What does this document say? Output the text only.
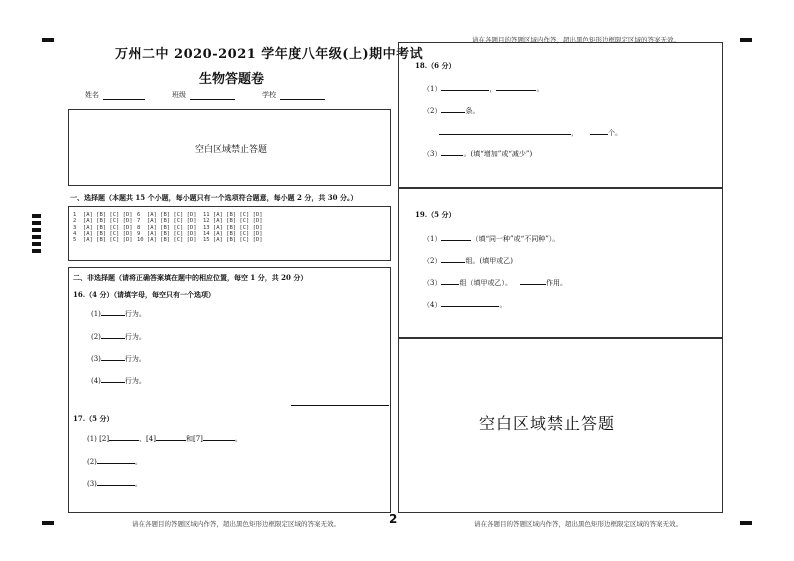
万州二中 2020-2021 学年度八年级(上)期中考试
生物答题卷
姓名	班级	学校
空白区域禁止答题
一、选择题（本题共 15 个小题，每小题只有一个选项符合题意，每小题 2 分，共 30 分。）
1  [A] [B] [C] [D]
2  [A] [B] [C] [D]
3  [A] [B] [C] [D]
4  [A] [B] [C] [D]
5  [A] [B] [C] [D]
6  [A] [B] [C] [D]
7  [A] [B] [C] [D]
8  [A] [B] [C] [D]
9  [A] [B] [C] [D]
10 [A] [B] [C] [D]
11 [A] [B] [C] [D]
12 [A] [B] [C] [D]
13 [A] [B] [C] [D]
14 [A] [B] [C] [D]
15 [A] [B] [C] [D]
二、非选择题（请将正确答案填在题中的相应位置，每空 1 分，共 20 分）
16.（4 分）（请填字母，每空只有一个选项）
(1)	行为。
(2)	行为。
(3)	行为。
(4)	行为。
17.（5 分）
(1) [2]	、[4]	和[7]	。
(2)	。
(3)	。
请在各题目的答题区域内作答，超出黑色矩形边框限定区域的答案无效。
18.（6 分）
（1）	，	。
（2）	条。
，	个。
（3）	。(填“增加”或“减少”)
19.（5 分）
（1）	（填“同一种”或“不同种”）。
（2）	组。(填甲或乙)
（3）	组（填甲或乙）。	作用。
（4）	。
空白区域禁止答题
请在各题目的答题区域内作答，超出黑色矩形边框限定区域的答案无效。	2	请在各题目的答题区域内作答，超出黑色矩形边框限定区域的答案无效。
